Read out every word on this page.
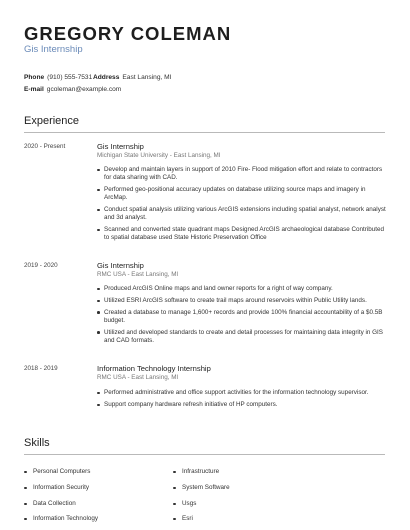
GREGORY COLEMAN
Gis Internship
Phone (910) 555-7531 Address East Lansing, MI
E-mail gcoleman@example.com
Experience
2020 - Present	Gis Internship
Michigan State University - East Lansing, MI
Develop and maintain layers in support of 2010 Fire- Flood mitigation effort and relate to contractors for data sharing with CAD.
Performed geo-positional accuracy updates on database utilizing source maps and imagery in ArcMap.
Conduct spatial analysis utilizing various ArcGIS extensions including spatial analyst, network analyst and 3d analyst.
Scanned and converted state quadrant maps Designed ArcGIS archaeological database Contributed to spatial database used State Historic Preservation Office
2019 - 2020	Gis Internship
RMC USA - East Lansing, MI
Produced ArcGIS Online maps and land owner reports for a right of way company.
Utilized ESRI ArcGIS software to create trail maps around reservoirs within Public Utility lands.
Created a database to manage 1,600+ records and provide 100% financial accountability of a $0.5B budget.
Utilized and developed standards to create and detail processes for maintaining data integrity in GIS and CAD formats.
2018 - 2019	Information Technology Internship
RMC USA - East Lansing, MI
Performed administrative and office support activities for the information technology supervisor.
Support company hardware refresh initiative of HP computers.
Skills
Personal Computers
Information Security
Data Collection
Information Technology
Infrastructure
System Software
Usgs
Esri
